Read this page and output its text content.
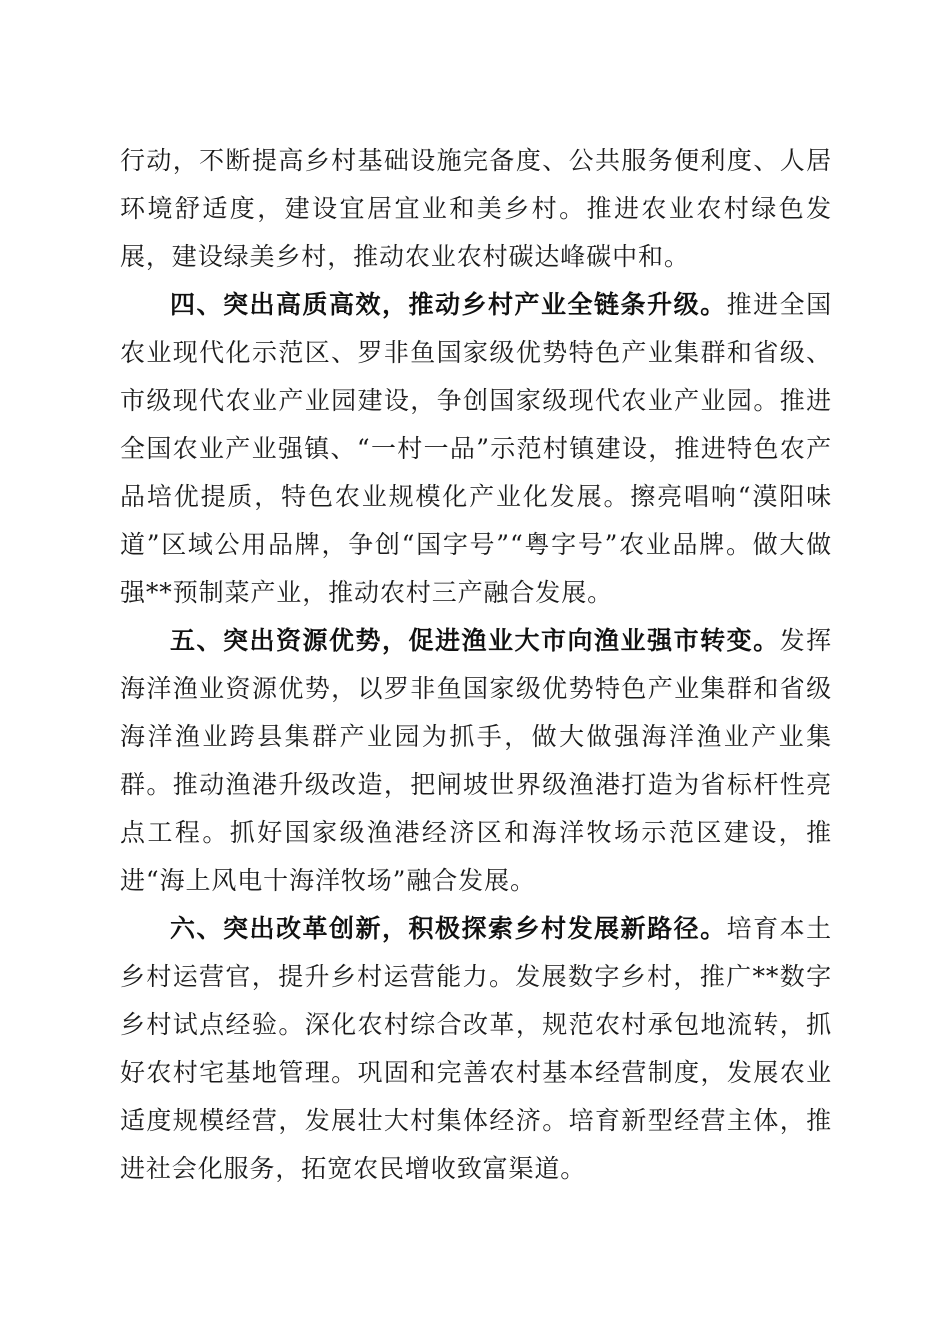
行动，不断提高乡村基础设施完备度、公共服务便利度、人居环境舒适度，建设宜居宜业和美乡村。推进农业农村绿色发展，建设绿美乡村，推动农业农村碳达峰碳中和。

四、突出高质高效，推动乡村产业全链条升级。推进全国农业现代化示范区、罗非鱼国家级优势特色产业集群和省级、市级现代农业产业园建设，争创国家级现代农业产业园。推进全国农业产业强镇、“一村一品”示范村镇建设，推进特色农产品培优提质，特色农业规模化产业化发展。擦亮唱响“漠阳味道”区域公用品牌，争创“国字号”“粤字号”农业品牌。做大做强**预制菜产业，推动农村三产融合发展。

五、突出资源优势，促进渔业大市向渔业强市转变。发挥海洋渔业资源优势，以罗非鱼国家级优势特色产业集群和省级海洋渔业跨县集群产业园为抓手，做大做强海洋渔业产业集群。推动渔港升级改造，把闸坡世界级渔港打造为省标杆性亮点工程。抓好国家级渔港经济区和海洋牧场示范区建设，推进“海上风电十海洋牧场”融合发展。

六、突出改革创新，积极探索乡村发展新路径。培育本土乡村运营官，提升乡村运营能力。发展数字乡村，推广**数字乡村试点经验。深化农村综合改革，规范农村承包地流转，抓好农村宅基地管理。巩固和完善农村基本经营制度，发展农业适度规模经营，发展壮大村集体经济。培育新型经营主体，推进社会化服务，拓宽农民增收致富渠道。
